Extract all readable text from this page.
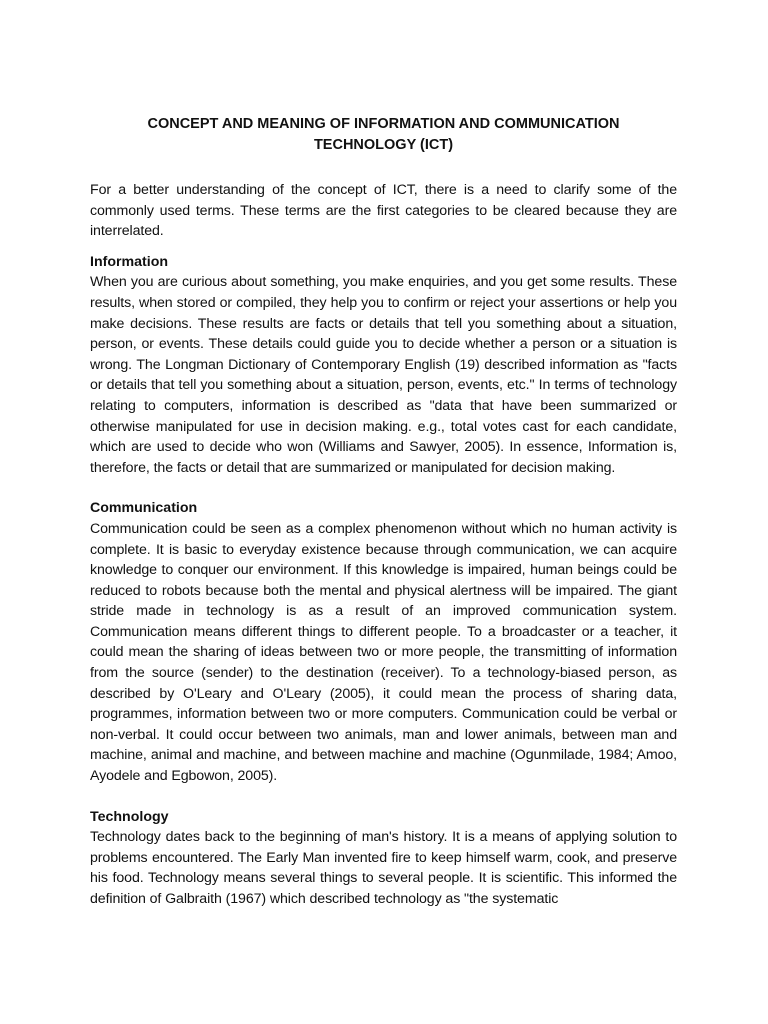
CONCEPT AND MEANING OF INFORMATION AND COMMUNICATION
TECHNOLOGY (ICT)

For a better understanding of the concept of ICT, there is a need to clarify some of the commonly used terms. These terms are the first categories to be cleared because they are interrelated.

Information

When you are curious about something, you make enquiries, and you get some results. These results, when stored or compiled, they help you to confirm or reject your assertions or help you make decisions. These results are facts or details that tell you something about a situation, person, or events. These details could guide you to decide whether a person or a situation is wrong. The Longman Dictionary of Contemporary English (19) described information as "facts or details that tell you something about a situation, person, events, etc." In terms of technology relating to computers, information is described as "data that have been summarized or otherwise manipulated for use in decision making. e.g., total votes cast for each candidate, which are used to decide who won (Williams and Sawyer, 2005). In essence, Information is, therefore, the facts or detail that are summarized or manipulated for decision making.

Communication

Communication could be seen as a complex phenomenon without which no human activity is complete. It is basic to everyday existence because through communication, we can acquire knowledge to conquer our environment. If this knowledge is impaired, human beings could be reduced to robots because both the mental and physical alertness will be impaired. The giant stride made in technology is as a result of an improved communication system. Communication means different things to different people. To a broadcaster or a teacher, it could mean the sharing of ideas between two or more people, the transmitting of information from the source (sender) to the destination (receiver). To a technology-biased person, as described by O'Leary and O'Leary (2005), it could mean the process of sharing data, programmes, information between two or more computers. Communication could be verbal or non-verbal. It could occur between two animals, man and lower animals, between man and machine, animal and machine, and between machine and machine (Ogunmilade, 1984; Amoo, Ayodele and Egbowon, 2005).

Technology

Technology dates back to the beginning of man's history. It is a means of applying solution to problems encountered. The Early Man invented fire to keep himself warm, cook, and preserve his food. Technology means several things to several people. It is scientific. This informed the definition of Galbraith (1967) which described technology as "the systematic
